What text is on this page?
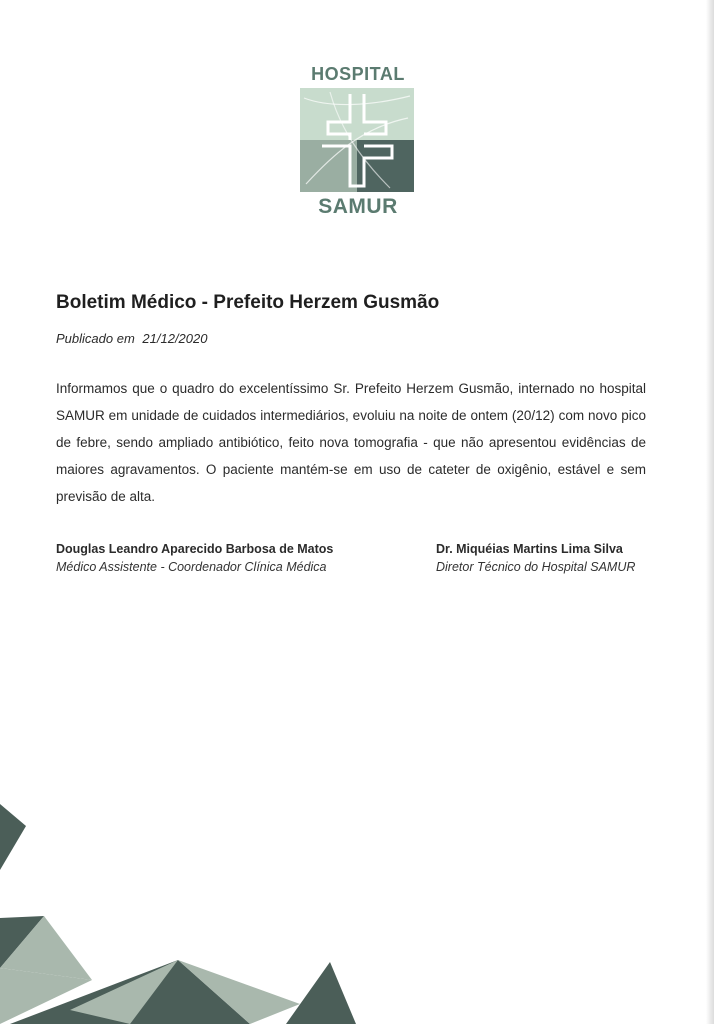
HOSPITAL
SAMUR
Boletim Médico - Prefeito Herzem Gusmão
Publicado em 21/12/2020
Informamos que o quadro do excelentíssimo Sr. Prefeito Herzem Gusmão, internado no hospital SAMUR em unidade de cuidados intermediários, evoluiu na noite de ontem (20/12) com novo pico de febre, sendo ampliado antibiótico, feito nova tomografia - que não apresentou evidências de maiores agravamentos. O paciente mantém-se em uso de cateter de oxigênio, estável e sem previsão de alta.
Douglas Leandro Aparecido Barbosa de Matos
Médico Assistente - Coordenador Clínica Médica
Dr. Miquéias Martins Lima Silva
Diretor Técnico do Hospital SAMUR
